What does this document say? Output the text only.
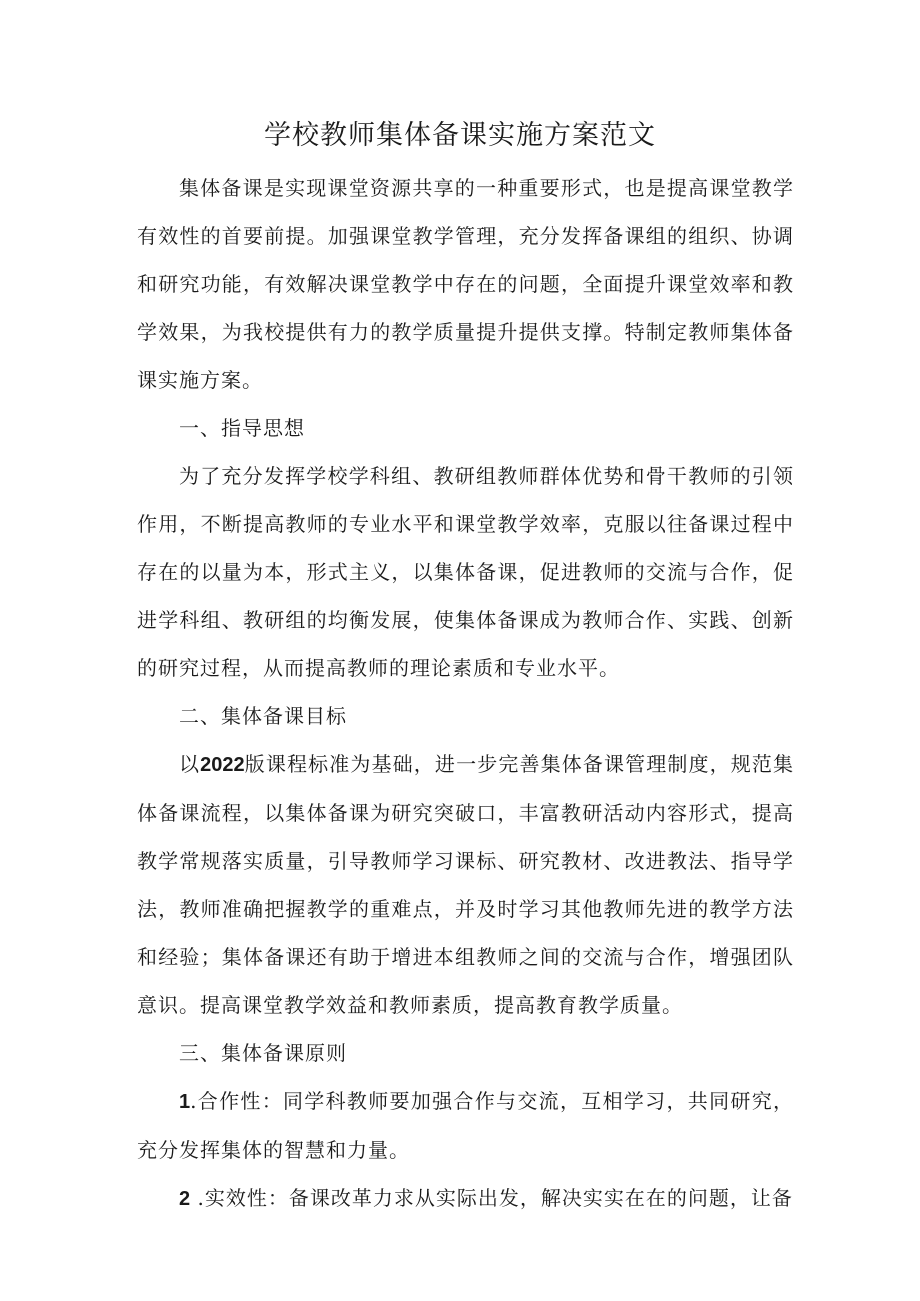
学校教师集体备课实施方案范文

集体备课是实现课堂资源共享的一种重要形式，也是提高课堂教学有效性的首要前提。加强课堂教学管理，充分发挥备课组的组织、协调和研究功能，有效解决课堂教学中存在的问题，全面提升课堂效率和教学效果，为我校提供有力的教学质量提升提供支撑。特制定教师集体备课实施方案。

一、指导思想

为了充分发挥学校学科组、教研组教师群体优势和骨干教师的引领作用，不断提高教师的专业水平和课堂教学效率，克服以往备课过程中存在的以量为本，形式主义，以集体备课，促进教师的交流与合作，促进学科组、教研组的均衡发展，使集体备课成为教师合作、实践、创新的研究过程，从而提高教师的理论素质和专业水平。

二、集体备课目标

以2022版课程标准为基础，进一步完善集体备课管理制度，规范集体备课流程，以集体备课为研究突破口，丰富教研活动内容形式，提高教学常规落实质量，引导教师学习课标、研究教材、改进教法、指导学法，教师准确把握教学的重难点，并及时学习其他教师先进的教学方法和经验；集体备课还有助于增进本组教师之间的交流与合作，增强团队意识。提高课堂教学效益和教师素质，提高教育教学质量。

三、集体备课原则

1.合作性：同学科教师要加强合作与交流，互相学习，共同研究，充分发挥集体的智慧和力量。

2 .实效性：备课改革力求从实际出发，解决实实在在的问题，让备
